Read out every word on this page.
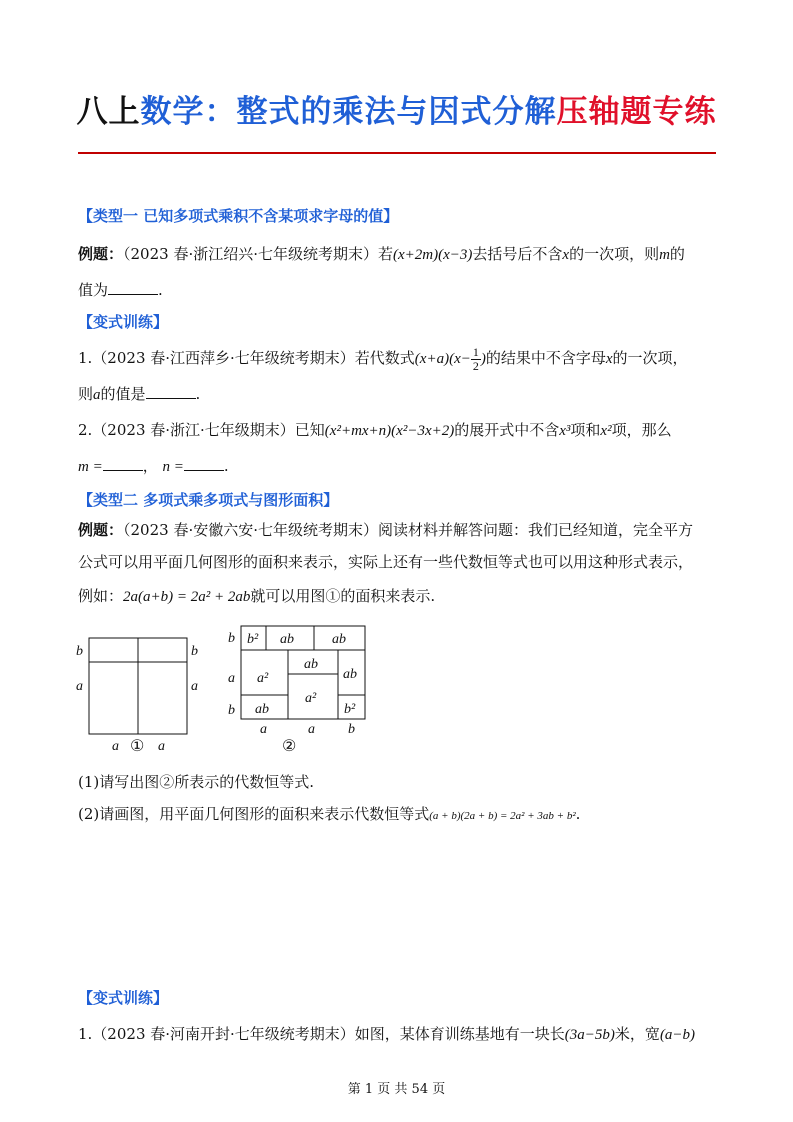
八上数学：整式的乘法与因式分解压轴题专练
【类型一 已知多项式乘积不含某项求字母的值】
例题：（2023 春·浙江绍兴·七年级统考期末）若(x+2m)(x−3)去括号后不含x的一次项，则m的
值为	.
【变式训练】
1.（2023 春·江西萍乡·七年级统考期末）若代数式$(x+a)(x- \frac{1}{2}$ )的结果中不含字母x的一次项，
则a的值是	.
2.（2023 春·浙江·七年级期末）已知(x²+mx+n)(x²−3x+2)的展开式中不含x³项和x²项，那么
m =	， n =	.
【类型二 多项式乘多项式与图形面积】
例题：（2023 春·安徽六安·七年级统考期末）阅读材料并解答问题：我们已经知道，完全平方
公式可以用平面几何图形的面积来表示，实际上还有一些代数恒等式也可以用这种形式表示，
例如：2a(a+b) = 2a² + 2ab就可以用图①的面积来表示.
b
a
b
a
a	a
①
b² ab	ab
ab
a²	ab
a²
ab	b²
b
a
b
a	a b
②
(1)请写出图②所表示的代数恒等式.
(2)请画图，用平面几何图形的面积来表示代数恒等式(a + b)(2a + b) = 2a² + 3ab + b².
【变式训练】
1.（2023 春·河南开封·七年级统考期末）如图，某体育训练基地有一块长(3a−5b)米，宽(a−b)
第 1 页 共 54 页
